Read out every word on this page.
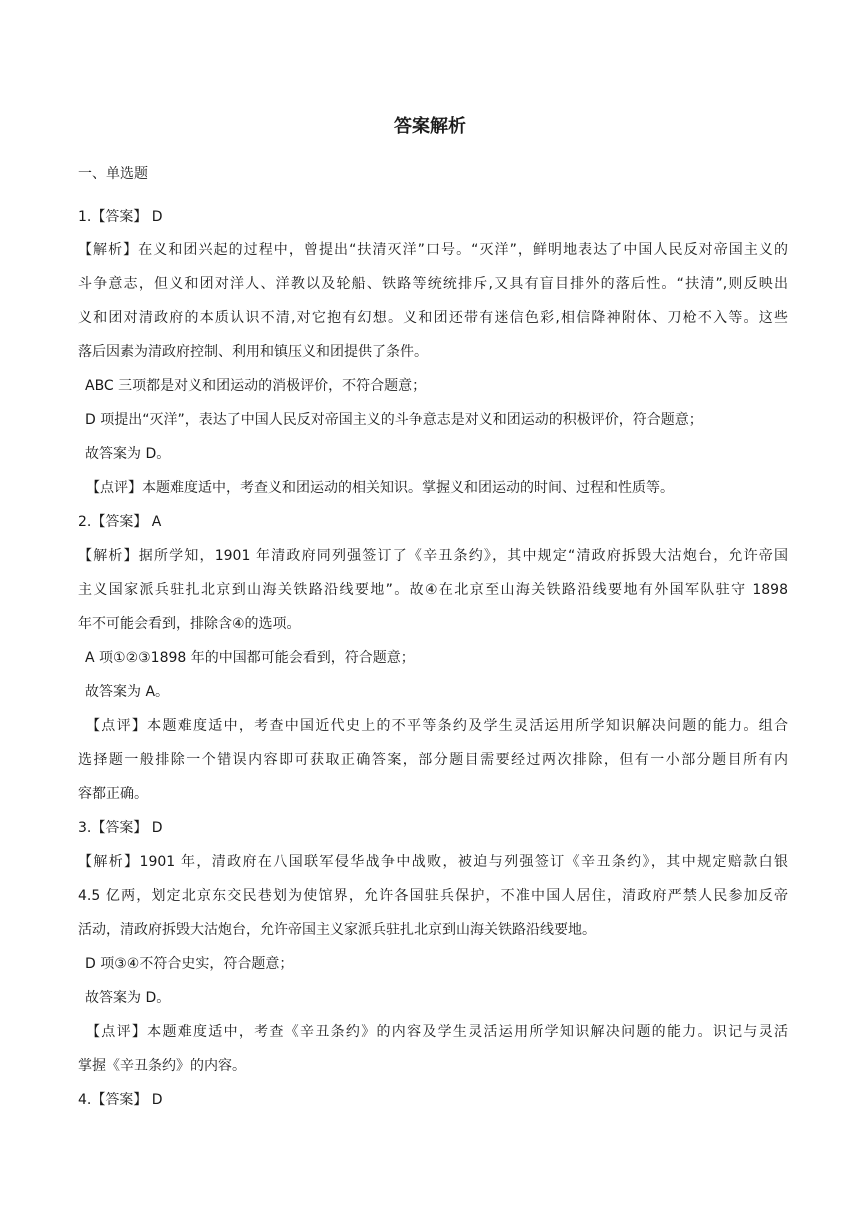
答案解析
一、单选题
1.【答案】 D
【解析】在义和团兴起的过程中，曾提出“扶清灭洋”口号。“灭洋”，鲜明地表达了中国人民反对帝国主义的
斗争意志，但义和团对洋人、洋教以及轮船、铁路等统统排斥,又具有盲目排外的落后性。“扶清”,则反映出
义和团对清政府的本质认识不清,对它抱有幻想。义和团还带有迷信色彩,相信降神附体、刀枪不入等。这些
落后因素为清政府控制、利用和镇压义和团提供了条件。
ABC 三项都是对义和团运动的消极评价，不符合题意；
D 项提出“灭洋”，表达了中国人民反对帝国主义的斗争意志是对义和团运动的积极评价，符合题意；
故答案为 D。
【点评】本题难度适中，考查义和团运动的相关知识。掌握义和团运动的时间、过程和性质等。
2.【答案】 A
【解析】据所学知，1901 年清政府同列强签订了《辛丑条约》，其中规定“清政府拆毁大沽炮台，允许帝国
主义国家派兵驻扎北京到山海关铁路沿线要地”。故④在北京至山海关铁路沿线要地有外国军队驻守 1898
年不可能会看到，排除含④的选项。
A 项①②③1898 年的中国都可能会看到，符合题意；
故答案为 A。
【点评】本题难度适中，考查中国近代史上的不平等条约及学生灵活运用所学知识解决问题的能力。组合
选择题一般排除一个错误内容即可获取正确答案，部分题目需要经过两次排除，但有一小部分题目所有内
容都正确。
3.【答案】 D
【解析】1901 年，清政府在八国联军侵华战争中战败，被迫与列强签订《辛丑条约》，其中规定赔款白银
4.5 亿两，划定北京东交民巷划为使馆界，允许各国驻兵保护，不准中国人居住，清政府严禁人民参加反帝
活动，清政府拆毁大沽炮台，允许帝国主义家派兵驻扎北京到山海关铁路沿线要地。
D 项③④不符合史实，符合题意；
故答案为 D。
【点评】本题难度适中，考查《辛丑条约》的内容及学生灵活运用所学知识解决问题的能力。识记与灵活
掌握《辛丑条约》的内容。
4.【答案】 D
